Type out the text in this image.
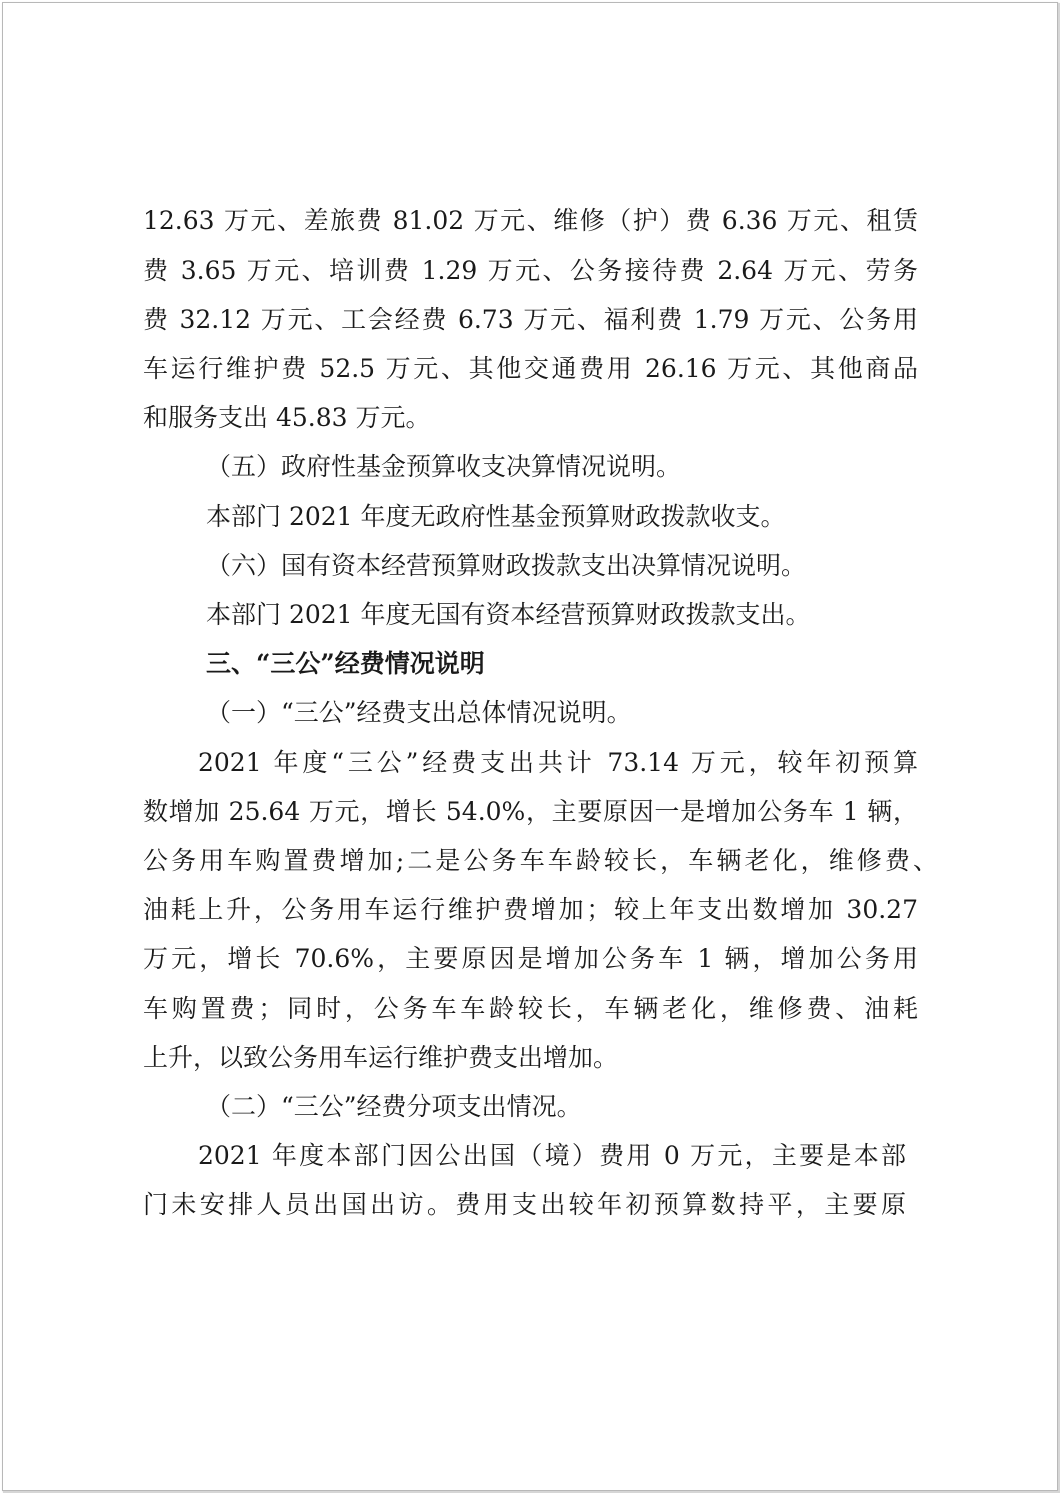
12.63 万元、差旅费 81.02 万元、维修（护）费 6.36 万元、租赁
费 3.65 万元、培训费 1.29 万元、公务接待费 2.64 万元、劳务
费 32.12 万元、工会经费 6.73 万元、福利费 1.79 万元、公务用
车运行维护费 52.5 万元、其他交通费用 26.16 万元、其他商品
和服务支出 45.83 万元。
（五）政府性基金预算收支决算情况说明。
本部门 2021 年度无政府性基金预算财政拨款收支。
（六）国有资本经营预算财政拨款支出决算情况说明。
本部门 2021 年度无国有资本经营预算财政拨款支出。
三、“三公”经费情况说明
（一）“三公”经费支出总体情况说明。
2021 年度“三公”经费支出共计 73.14 万元，较年初预算
数增加 25.64 万元，增长 54.0%，主要原因一是增加公务车 1 辆，
公务用车购置费增加;二是公务车车龄较长，车辆老化，维修费、
油耗上升，公务用车运行维护费增加；较上年支出数增加 30.27
万元，增长 70.6%，主要原因是增加公务车 1 辆，增加公务用
车购置费；同时，公务车车龄较长，车辆老化，维修费、油耗
上升，以致公务用车运行维护费支出增加。
（二）“三公”经费分项支出情况。
2021 年度本部门因公出国（境）费用 0 万元，主要是本部
门未安排人员出国出访。费用支出较年初预算数持平，主要原
